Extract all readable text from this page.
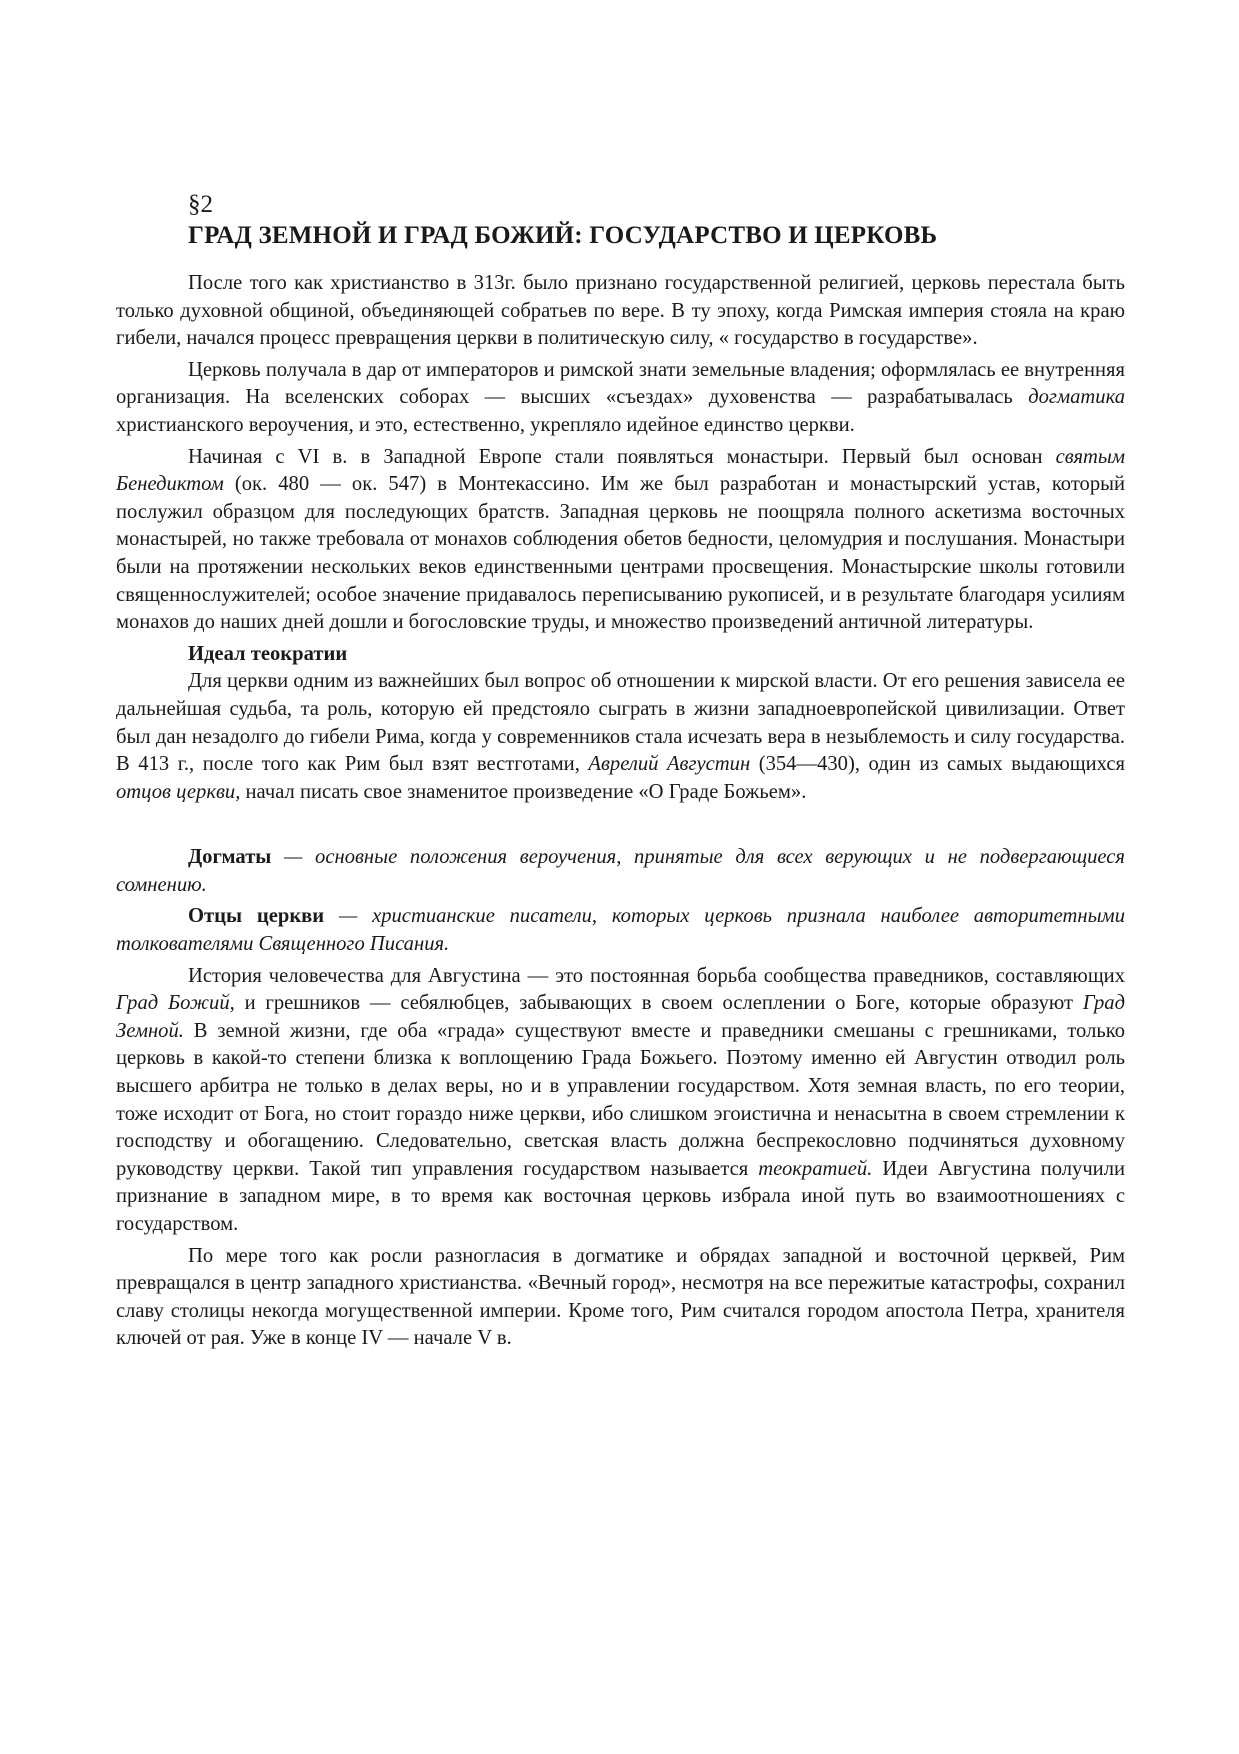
§2
ГРАД ЗЕМНОЙ И ГРАД БОЖИЙ: ГОСУДАРСТВО И ЦЕРКОВЬ

После того как христианство в 313г. было признано государственной религией, церковь перестала быть только духовной общиной, объединяющей собратьев по вере. В ту эпоху, когда Римская империя стояла на краю гибели, начался процесс превращения церкви в политическую силу, « государство в государстве».

Церковь получала в дар от императоров и римской знати земельные владения; оформлялась ее внутренняя организация. На вселенских соборах — высших «съездах» духовенства — разрабатывалась догматика христианского вероучения, и это, естественно, укрепляло идейное единство церкви.

Начиная с VI в. в Западной Европе стали появляться монастыри. Первый был основан святым Бенедиктом (ок. 480 — ок. 547) в Монтекассино. Им же был разработан и монастырский устав, который послужил образцом для последующих братств. Западная церковь не поощряла полного аскетизма восточных монастырей, но также требовала от монахов соблюдения обетов бедности, целомудрия и послушания. Монастыри были на протяжении нескольких веков единственными центрами просвещения. Монастырские школы готовили священнослужителей; особое значение придавалось переписыванию рукописей, и в результате благодаря усилиям монахов до наших дней дошли и богословские труды, и множество произведений античной литературы.

Идеал теократии

Для церкви одним из важнейших был вопрос об отношении к мирской власти. От его решения зависела ее дальнейшая судьба, та роль, которую ей предстояло сыграть в жизни западноевропейской цивилизации. Ответ был дан незадолго до гибели Рима, когда у современников стала исчезать вера в незыблемость и силу государства. В 413 г., после того как Рим был взят вестготами, Аврелий Августин (354—430), один из самых выдающихся отцов церкви, начал писать свое знаменитое произведение «О Граде Божьем».

Догматы — основные положения вероучения, принятые для всех верующих и не подвергающиеся сомнению.

Отцы церкви — христианские писатели, которых церковь признала наиболее авторитетными толкователями Священного Писания.

История человечества для Августина — это постоянная борьба сообщества праведников, составляющих Град Божий, и грешников — себялюбцев, забывающих в своем ослеплении о Боге, которые образуют Град Земной. В земной жизни, где оба «града» существуют вместе и праведники смешаны с грешниками, только церковь в какой-то степени близка к воплощению Града Божьего. Поэтому именно ей Августин отводил роль высшего арбитра не только в делах веры, но и в управлении государством. Хотя земная власть, по его теории, тоже исходит от Бога, но стоит гораздо ниже церкви, ибо слишком эгоистична и ненасытна в своем стремлении к господству и обогащению. Следовательно, светская власть должна беспрекословно подчиняться духовному руководству церкви. Такой тип управления государством называется теократией. Идеи Августина получили признание в западном мире, в то время как восточная церковь избрала иной путь во взаимоотношениях с государством.

По мере того как росли разногласия в догматике и обрядах западной и восточной церквей, Рим превращался в центр западного христианства. «Вечный город», несмотря на все пережитые катастрофы, сохранил славу столицы некогда могущественной империи. Кроме того, Рим считался городом апостола Петра, хранителя ключей от рая. Уже в конце IV — начале V в.
